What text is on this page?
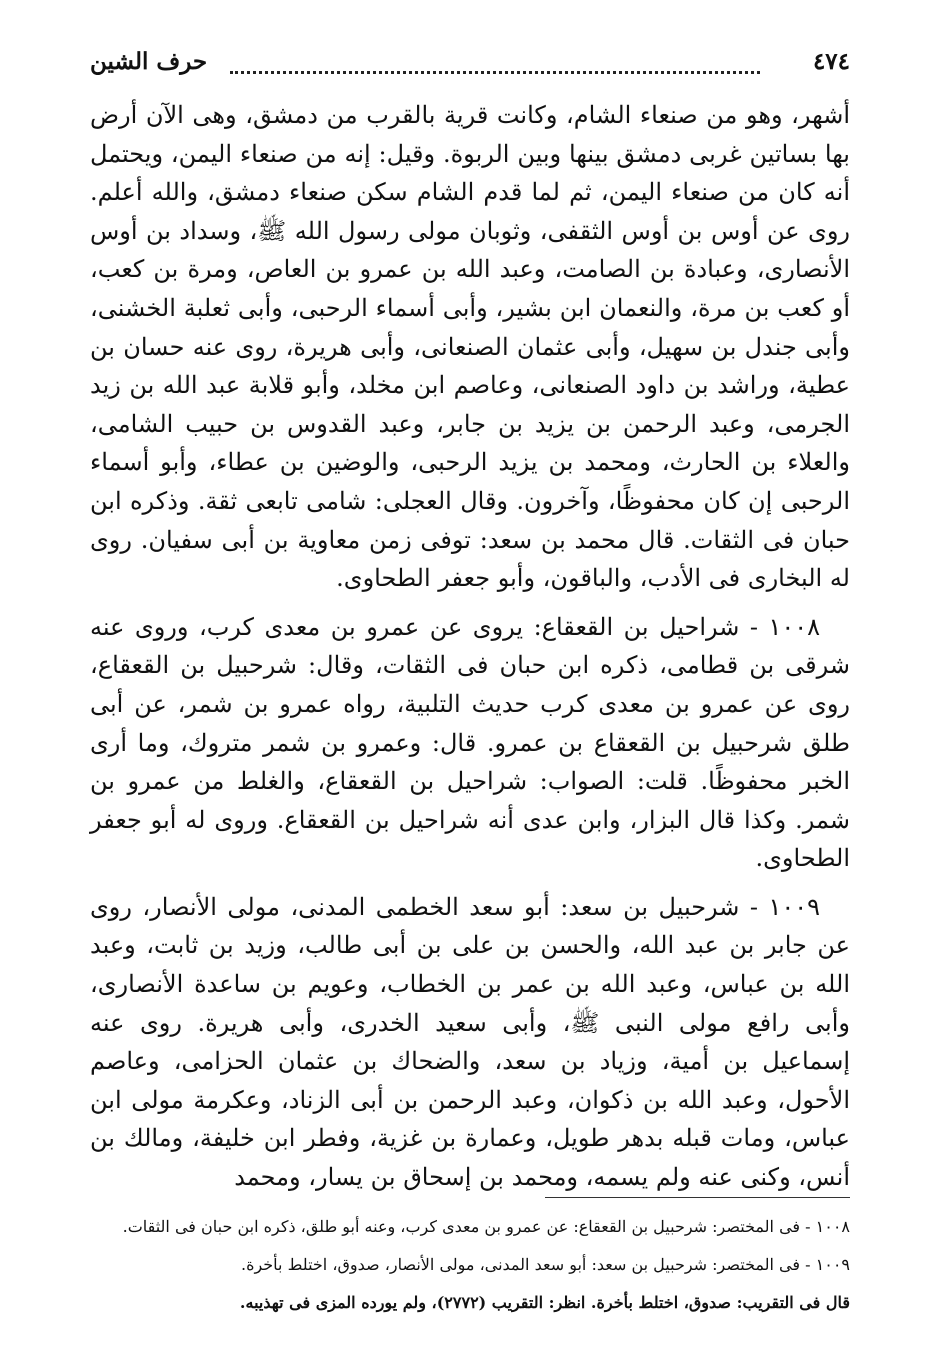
٤٧٤
حرف الشين

أشهر، وهو من صنعاء الشام، وكانت قرية بالقرب من دمشق، وهى الآن أرض بها بساتين غربى دمشق بينها وبين الربوة. وقيل: إنه من صنعاء اليمن، ويحتمل أنه كان من صنعاء اليمن، ثم لما قدم الشام سكن صنعاء دمشق، والله أعلم. روى عن أوس بن أوس الثقفى، وثوبان مولى رسول الله ﷺ، وسداد بن أوس الأنصارى، وعبادة بن الصامت، وعبد الله بن عمرو بن العاص، ومرة بن كعب، أو كعب بن مرة، والنعمان ابن بشير، وأبى أسماء الرحبى، وأبى ثعلبة الخشنى، وأبى جندل بن سهيل، وأبى عثمان الصنعانى، وأبى هريرة، روى عنه حسان بن عطية، وراشد بن داود الصنعانى، وعاصم ابن مخلد، وأبو قلابة عبد الله بن زيد الجرمى، وعبد الرحمن بن يزيد بن جابر، وعبد القدوس بن حبيب الشامى، والعلاء بن الحارث، ومحمد بن يزيد الرحبى، والوضين بن عطاء، وأبو أسماء الرحبى إن كان محفوظًا، وآخرون. وقال العجلى: شامى تابعى ثقة. وذكره ابن حبان فى الثقات. قال محمد بن سعد: توفى زمن معاوية بن أبى سفيان. روى له البخارى فى الأدب، والباقون، وأبو جعفر الطحاوى.

١٠٠٨ - شراحيل بن القعقاع: يروى عن عمرو بن معدى كرب، وروى عنه شرقى بن قطامى، ذكره ابن حبان فى الثقات، وقال: شرحبيل بن القعقاع، روى عن عمرو بن معدى كرب حديث التلبية، رواه عمرو بن شمر، عن أبى طلق شرحبيل بن القعقاع بن عمرو. قال: وعمرو بن شمر متروك، وما أرى الخبر محفوظًا. قلت: الصواب: شراحيل بن القعقاع، والغلط من عمرو بن شمر. وكذا قال البزار، وابن عدى أنه شراحيل بن القعقاع. وروى له أبو جعفر الطحاوى.

١٠٠٩ - شرحبيل بن سعد: أبو سعد الخطمى المدنى، مولى الأنصار، روى عن جابر بن عبد الله، والحسن بن على بن أبى طالب، وزيد بن ثابت، وعبد الله بن عباس، وعبد الله بن عمر بن الخطاب، وعويم بن ساعدة الأنصارى، وأبى رافع مولى النبى ﷺ، وأبى سعيد الخدرى، وأبى هريرة. روى عنه إسماعيل بن أمية، وزياد بن سعد، والضحاك بن عثمان الحزامى، وعاصم الأحول، وعبد الله بن ذكوان، وعبد الرحمن بن أبى الزناد، وعكرمة مولى ابن عباس، ومات قبله بدهر طويل، وعمارة بن غزية، وفطر ابن خليفة، ومالك بن أنس، وكنى عنه ولم يسمه، ومحمد بن إسحاق بن يسار، ومحمد

١٠٠٨ - فى المختصر: شرحبيل بن القعقاع: عن عمرو بن معدى كرب، وعنه أبو طلق، ذكره ابن حبان فى الثقات.

١٠٠٩ - فى المختصر: شرحبيل بن سعد: أبو سعد المدنى، مولى الأنصار، صدوق، اختلط بأخرة.

قال فى التقريب: صدوق، اختلط بأخرة. انظر: التقريب (٢٧٧٢)، ولم يورده المزى فى تهذيبه.
